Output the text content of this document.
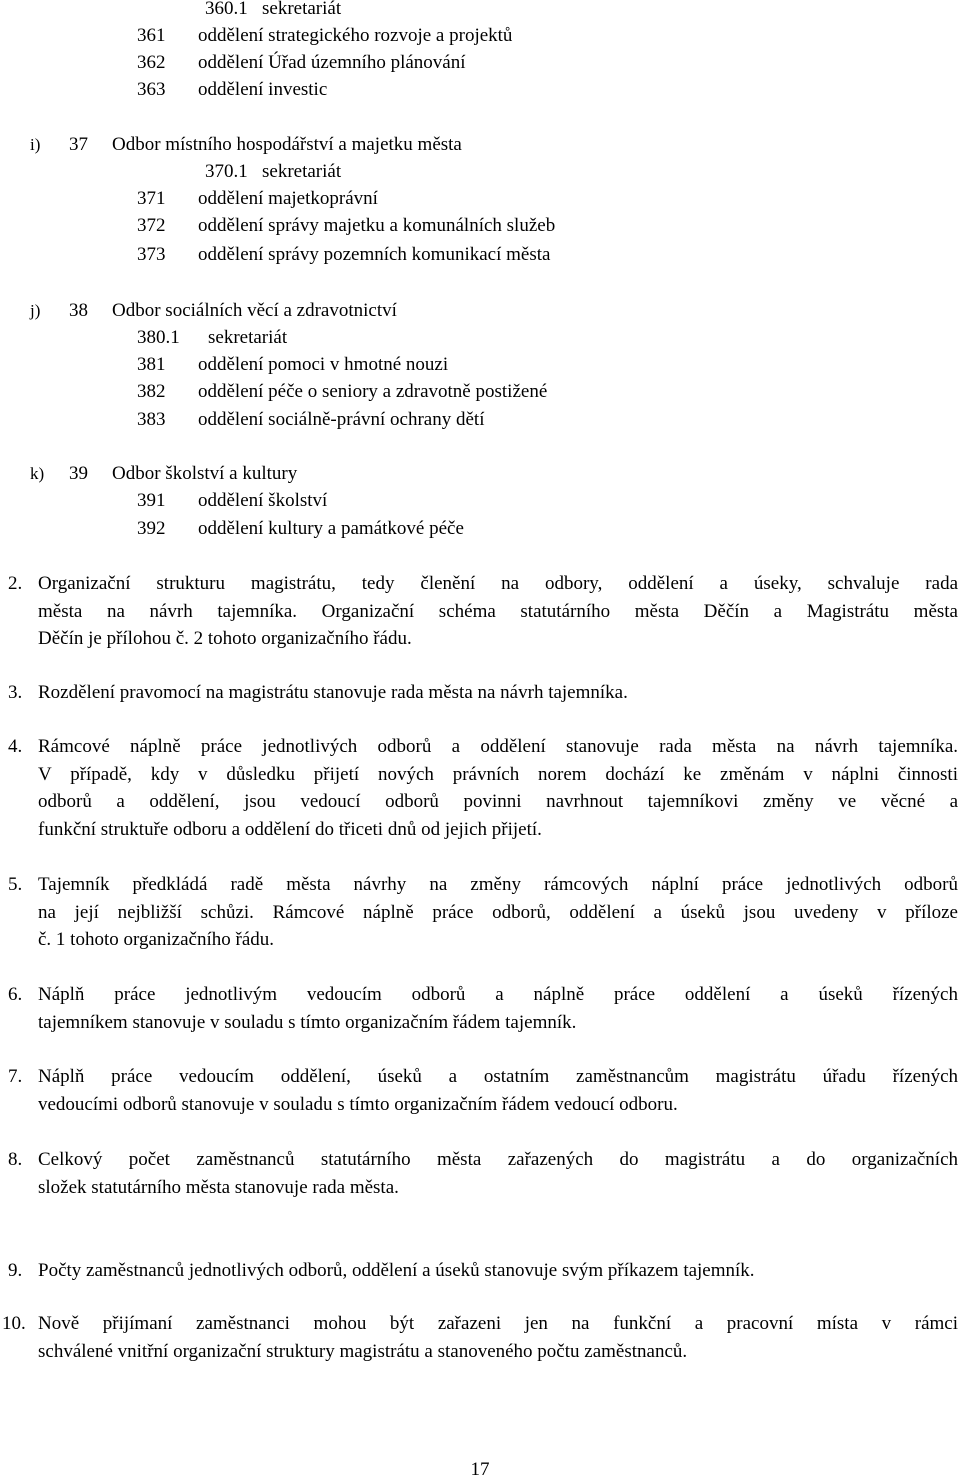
360.1 sekretariát
361 oddělení strategického rozvoje a projektů
362 oddělení Úřad územního plánování
363 oddělení investic
i) 37 Odbor místního hospodářství a majetku města
370.1 sekretariát
371 oddělení majetkoprávní
372 oddělení správy majetku a komunálních služeb
373 oddělení správy pozemních komunikací města
j) 38 Odbor sociálních věcí a zdravotnictví
380.1 sekretariát
381 oddělení pomoci v hmotné nouzi
382 oddělení péče o seniory a zdravotně postižené
383 oddělení sociálně-právní ochrany dětí
k) 39 Odbor školství a kultury
391 oddělení školství
392 oddělení kultury a památkové péče
2. Organizační strukturu magistrátu, tedy členění na odbory, oddělení a úseky, schvaluje rada
města na návrh tajemníka. Organizační schéma statutárního města Děčín a Magistrátu města
Děčín je přílohou č. 2 tohoto organizačního řádu.
3. Rozdělení pravomocí na magistrátu stanovuje rada města na návrh tajemníka.
4. Rámcové náplně práce jednotlivých odborů a oddělení stanovuje rada města na návrh tajemníka.
V případě, kdy v důsledku přijetí nových právních norem dochází ke změnám v náplni činnosti
odborů a oddělení, jsou vedoucí odborů povinni navrhnout tajemníkovi změny ve věcné a
funkční struktuře odboru a oddělení do třiceti dnů od jejich přijetí.
5. Tajemník předkládá radě města návrhy na změny rámcových náplní práce jednotlivých odborů
na její nejbližší schůzi. Rámcové náplně práce odborů, oddělení a úseků jsou uvedeny v příloze
č. 1 tohoto organizačního řádu.
6. Náplň práce jednotlivým vedoucím odborů a náplně práce oddělení a úseků řízených
tajemníkem stanovuje v souladu s tímto organizačním řádem tajemník.
7. Náplň práce vedoucím oddělení, úseků a ostatním zaměstnancům magistrátu úřadu řízených
vedoucími odborů stanovuje v souladu s tímto organizačním řádem vedoucí odboru.
8. Celkový počet zaměstnanců statutárního města zařazených do magistrátu a do organizačních
složek statutárního města stanovuje rada města.
9. Počty zaměstnanců jednotlivých odborů, oddělení a úseků stanovuje svým příkazem tajemník.
10. Nově přijímaní zaměstnanci mohou být zařazeni jen na funkční a pracovní místa v rámci
schválené vnitřní organizační struktury magistrátu a stanoveného počtu zaměstnanců.
17
